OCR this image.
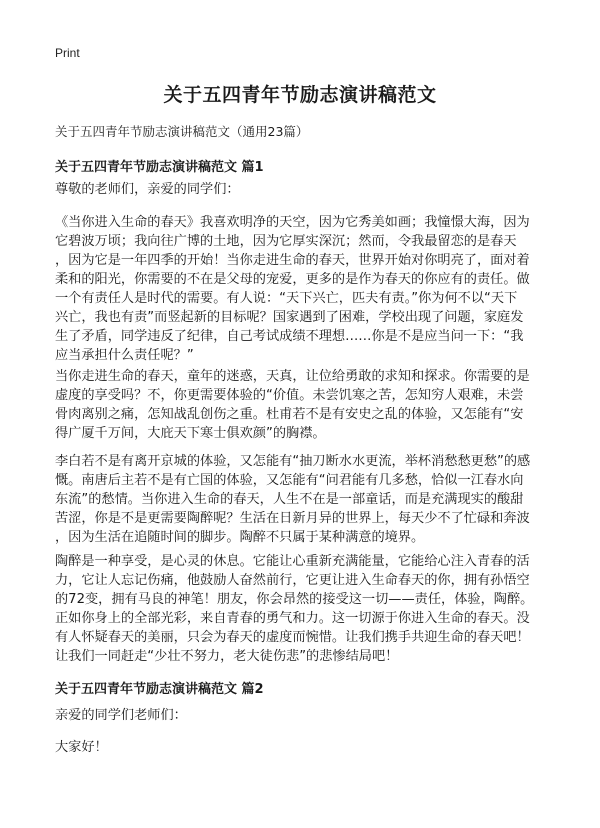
Print
关于五四青年节励志演讲稿范文
关于五四青年节励志演讲稿范文（通用23篇）
关于五四青年节励志演讲稿范文 篇1
尊敬的老师们，亲爱的同学们：
《当你进入生命的春天》我喜欢明净的天空，因为它秀美如画；我憧憬大海，因为
它碧波万顷；我向往广博的土地，因为它厚实深沉；然而，令我最留恋的是春天
，因为它是一年四季的开始！当你走进生命的春天，世界开始对你明亮了，面对着
柔和的阳光，你需要的不在是父母的宠爱，更多的是作为春天的你应有的责任。做
一个有责任人是时代的需要。有人说：“天下兴亡，匹夫有责。”你为何不以“天下
兴亡，我也有责”而竖起新的目标呢？国家遇到了困难，学校出现了问题，家庭发
生了矛盾，同学违反了纪律，自己考试成绩不理想……你是不是应当问一下：“我
应当承担什么责任呢？”
当你走进生命的春天，童年的迷惑，天真，让位给勇敢的求知和探求。你需要的是
虚度的享受吗？不，你更需要体验的“价值。未尝饥寒之苦，怎知穷人艰难，未尝
骨肉离别之痛，怎知战乱创伤之重。杜甫若不是有安史之乱的体验，又怎能有“安
得广厦千万间，大庇天下寒士俱欢颜”的胸襟。
李白若不是有离开京城的体验，又怎能有“抽刀断水水更流，举杯消愁愁更愁”的感
慨。南唐后主若不是有亡国的体验，又怎能有“问君能有几多愁，恰似一江春水向
东流”的愁情。当你进入生命的春天，人生不在是一部童话，而是充满现实的酸甜
苦涩，你是不是更需要陶醉呢？生活在日新月异的世界上，每天少不了忙碌和奔波
，因为生活在追随时间的脚步。陶醉不只属于某种满意的境界。
陶醉是一种享受，是心灵的休息。它能让心重新充满能量，它能给心注入青春的活
力，它让人忘记伤痛，他鼓励人奋然前行，它更让进入生命春天的你，拥有孙悟空
的72变，拥有马良的神笔！朋友，你会昂然的接受这一切——责任，体验，陶醉。
正如你身上的全部光彩，来自青春的勇气和力。这一切源于你进入生命的春天。没
有人怀疑春天的美丽，只会为春天的虚度而惋惜。让我们携手共迎生命的春天吧！
让我们一同赶走“少壮不努力，老大徒伤悲”的悲惨结局吧！
关于五四青年节励志演讲稿范文 篇2
亲爱的同学们老师们：
大家好！
